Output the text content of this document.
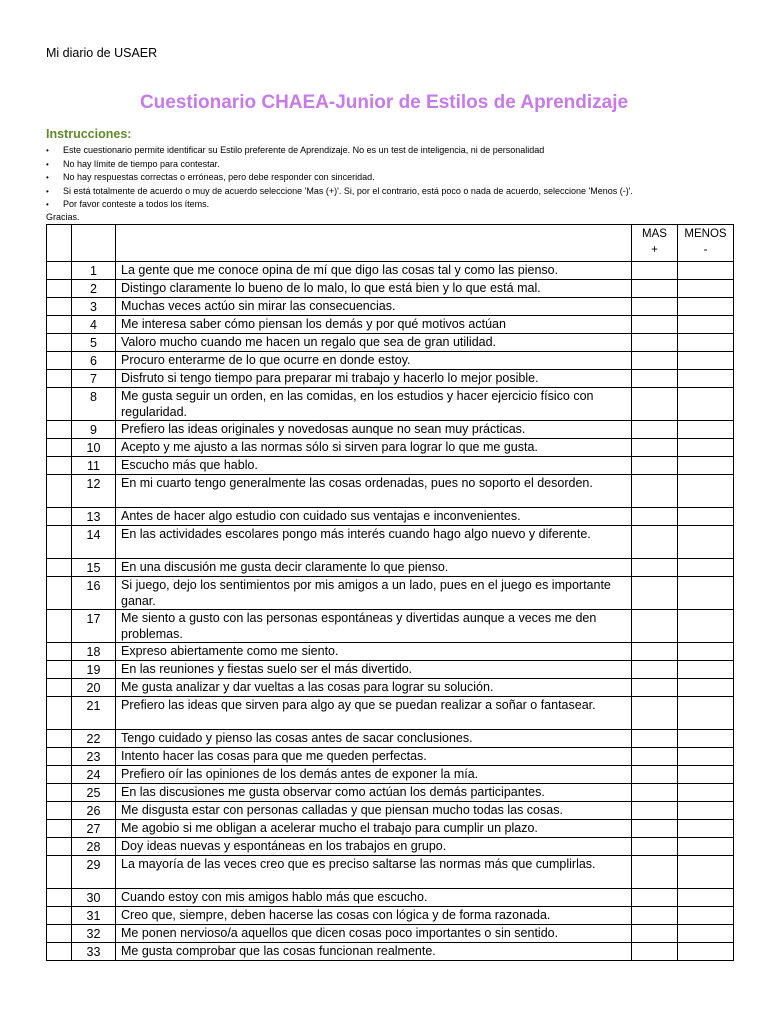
Mi diario de USAER
Cuestionario CHAEA-Junior de Estilos de Aprendizaje
Instrucciones:
• Este cuestionario permite identificar su Estilo preferente de Aprendizaje. No es un test de inteligencia, ni de personalidad
• No hay límite de tiempo para contestar.
• No hay respuestas correctas o erróneas, pero debe responder con sinceridad.
• Si está totalmente de acuerdo o muy de acuerdo seleccione 'Mas (+)'. Si, por el contrario, está poco o nada de acuerdo, seleccione 'Menos (-)'.
• Por favor conteste a todos los ítems.
Gracias.
			MAS
+	MENOS
-

	1	La gente que me conoce opina de mí que digo las cosas tal y como las pienso.		

	2	Distingo claramente lo bueno de lo malo, lo que está bien y lo que está mal.		

	3	Muchas veces actúo sin mirar las consecuencias.		

	4	Me interesa saber cómo piensan los demás y por qué motivos actúan		

	5	Valoro mucho cuando me hacen un regalo que sea de gran utilidad.		

	6	Procuro enterarme de lo que ocurre en donde estoy.		

	7	Disfruto si tengo tiempo para preparar mi trabajo y hacerlo lo mejor posible.		

	8	Me gusta seguir un orden, en las comidas, en los estudios y hacer ejercicio físico con regularidad.		

	9	Prefiero las ideas originales y novedosas aunque no sean muy prácticas.		

	10	Acepto y me ajusto a las normas sólo si sirven para lograr lo que me gusta.		

	11	Escucho más que hablo.		

	12	En mi cuarto tengo generalmente las cosas ordenadas, pues no soporto el desorden.		

	13	Antes de hacer algo estudio con cuidado sus ventajas e inconvenientes.		

	14	En las actividades escolares pongo más interés cuando hago algo nuevo y diferente.		

	15	En una discusión me gusta decir claramente lo que pienso.		

	16	Si juego, dejo los sentimientos por mis amigos a un lado, pues en el juego es importante ganar.		

	17	Me siento a gusto con las personas espontáneas y divertidas aunque a veces me den problemas.		

	18	Expreso abiertamente como me siento.		

	19	En las reuniones y fiestas suelo ser el más divertido.		

	20	Me gusta analizar y dar vueltas a las cosas para lograr su solución.		

	21	Prefiero las ideas que sirven para algo ay que se puedan realizar a soñar o fantasear.		

	22	Tengo cuidado y pienso las cosas antes de sacar conclusiones.		

	23	Intento hacer las cosas para que me queden perfectas.		

	24	Prefiero oír las opiniones de los demás antes de exponer la mía.		

	25	En las discusiones me gusta observar como actúan los demás participantes.		

	26	Me disgusta estar con personas calladas y que piensan mucho todas las cosas.		

	27	Me agobio si me obligan a acelerar mucho el trabajo para cumplir un plazo.		

	28	Doy ideas nuevas y espontáneas en los trabajos en grupo.		

	29	La mayoría de las veces creo que es preciso saltarse las normas más que cumplirlas.		

	30	Cuando estoy con mis amigos hablo más que escucho.		

	31	Creo que, siempre, deben hacerse las cosas con lógica y de forma razonada.		

	32	Me ponen nervioso/a aquellos que dicen cosas poco importantes o sin sentido.		

	33	Me gusta comprobar que las cosas funcionan realmente.		
